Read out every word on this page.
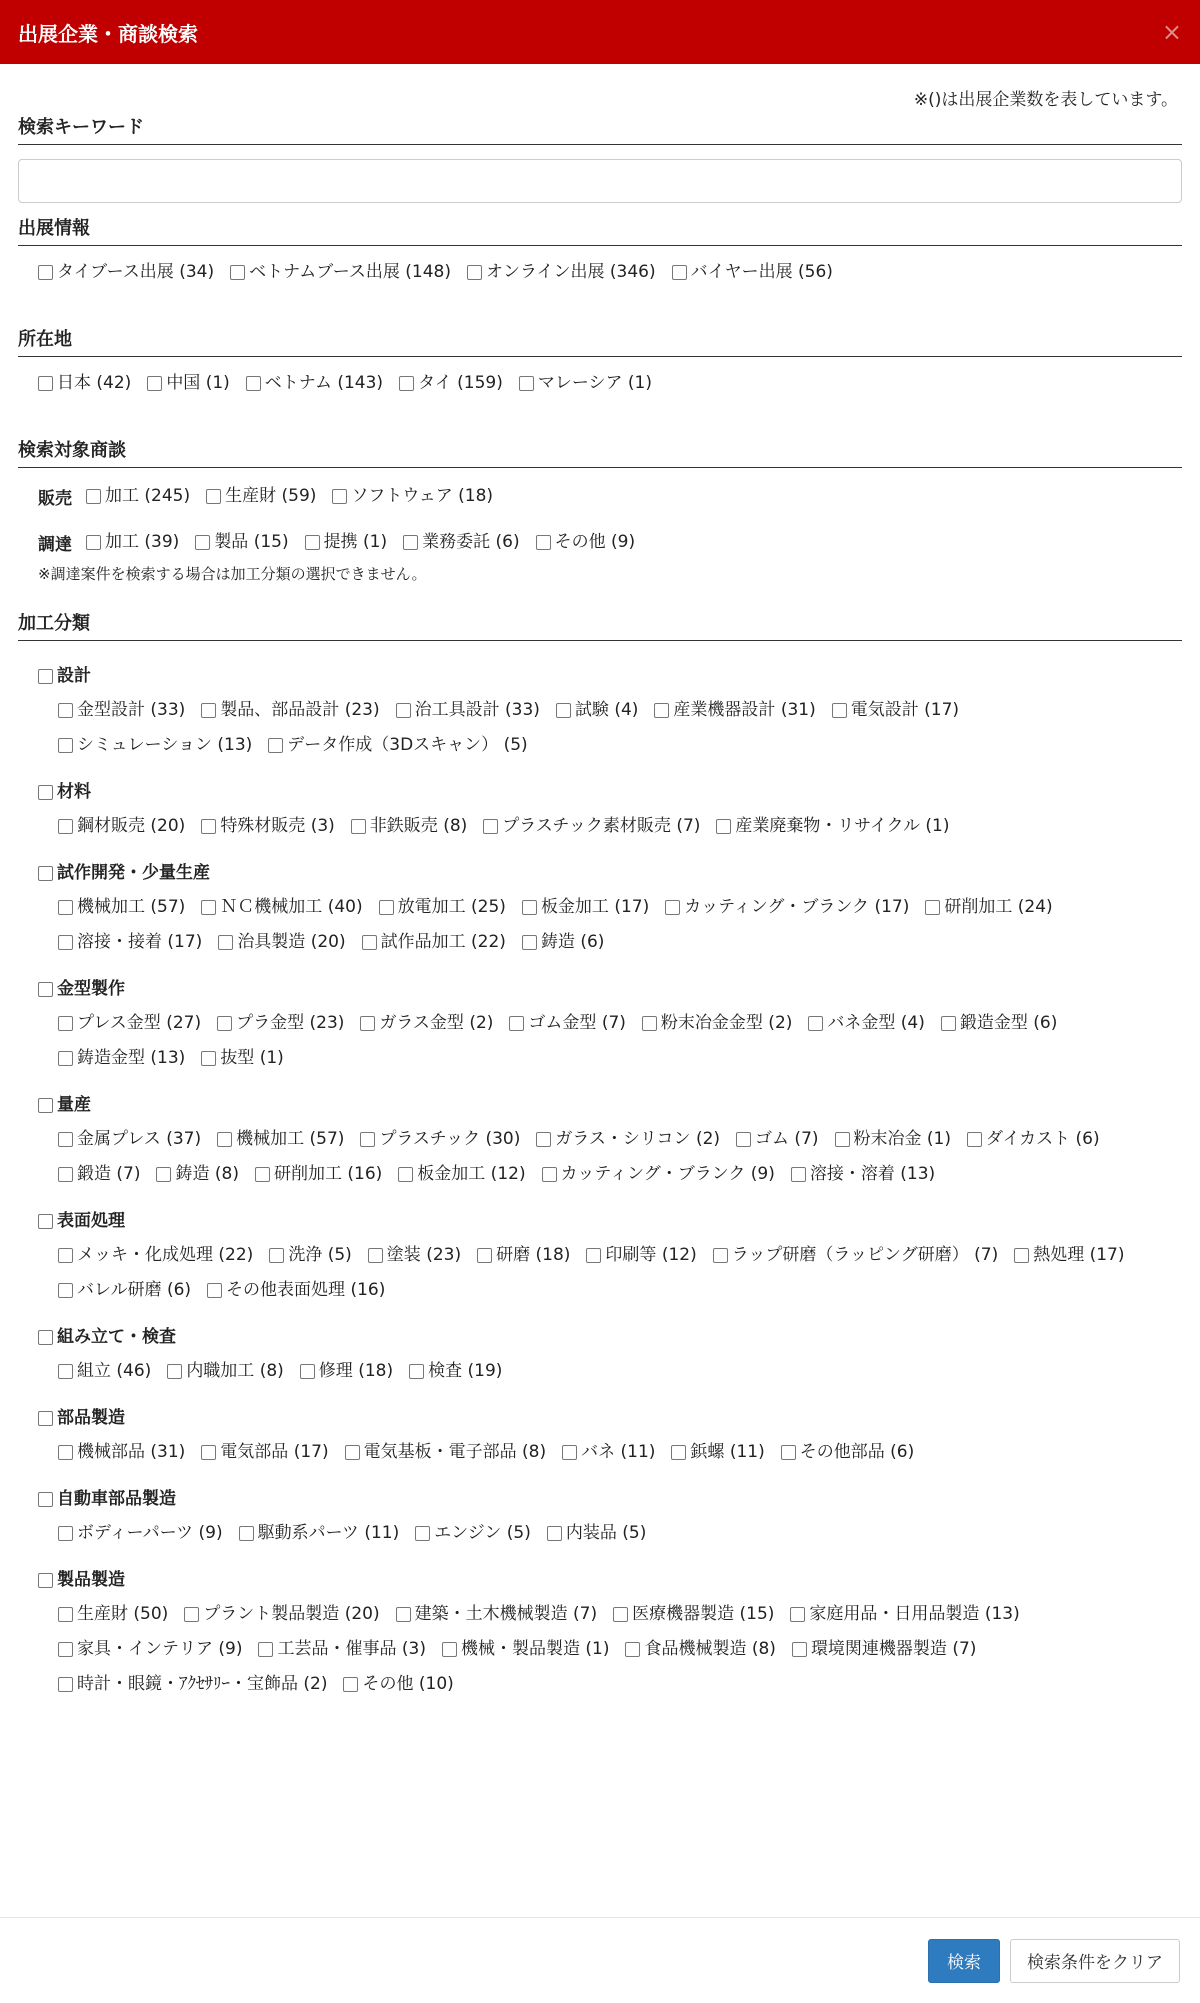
出展企業・商談検索	×
※()は出展企業数を表しています。
検索キーワード
出展情報
タイブース出展 (34) ベトナムブース出展 (148) オンライン出展 (346) バイヤー出展 (56)
所在地
日本 (42) 中国 (1) ベトナム (143) タイ (159) マレーシア (1)
検索対象商談
販売 加工 (245) 生産財 (59) ソフトウェア (18)
調達 加工 (39) 製品 (15) 提携 (1) 業務委託 (6) その他 (9)
※調達案件を検索する場合は加工分類の選択できません。
加工分類
設計
金型設計 (33) 製品、部品設計 (23) 治工具設計 (33) 試験 (4) 産業機器設計 (31) 電気設計 (17)
シミュレーション (13) データ作成（3Dスキャン） (5)
材料
鋼材販売 (20) 特殊材販売 (3) 非鉄販売 (8) プラスチック素材販売 (7) 産業廃棄物・リサイクル (1)
試作開発・少量生産
機械加工 (57) ＮＣ機械加工 (40) 放電加工 (25) 板金加工 (17) カッティング・ブランク (17) 研削加工 (24)
溶接・接着 (17) 治具製造 (20) 試作品加工 (22) 鋳造 (6)
金型製作
プレス金型 (27) プラ金型 (23) ガラス金型 (2) ゴム金型 (7) 粉末冶金金型 (2) バネ金型 (4) 鍛造金型 (6)
鋳造金型 (13) 抜型 (1)
量産
金属プレス (37) 機械加工 (57) プラスチック (30) ガラス・シリコン (2) ゴム (7) 粉末冶金 (1) ダイカスト (6)
鍛造 (7) 鋳造 (8) 研削加工 (16) 板金加工 (12) カッティング・ブランク (9) 溶接・溶着 (13)
表面処理
メッキ・化成処理 (22) 洗浄 (5) 塗装 (23) 研磨 (18) 印刷等 (12) ラップ研磨（ラッピング研磨） (7) 熱処理 (17)
バレル研磨 (6) その他表面処理 (16)
組み立て・検査
組立 (46) 内職加工 (8) 修理 (18) 検査 (19)
部品製造
機械部品 (31) 電気部品 (17) 電気基板・電子部品 (8) バネ (11) 鋲螺 (11) その他部品 (6)
自動車部品製造
ボディーパーツ (9) 駆動系パーツ (11) エンジン (5) 内装品 (5)
製品製造
生産財 (50) プラント製品製造 (20) 建築・土木機械製造 (7) 医療機器製造 (15) 家庭用品・日用品製造 (13)
家具・インテリア (9) 工芸品・催事品 (3) 機械・製品製造 (1) 食品機械製造 (8) 環境関連機器製造 (7)
時計・眼鏡・ｱｸｾｻﾘｰ・宝飾品 (2) その他 (10)
検索	検索条件をクリア
